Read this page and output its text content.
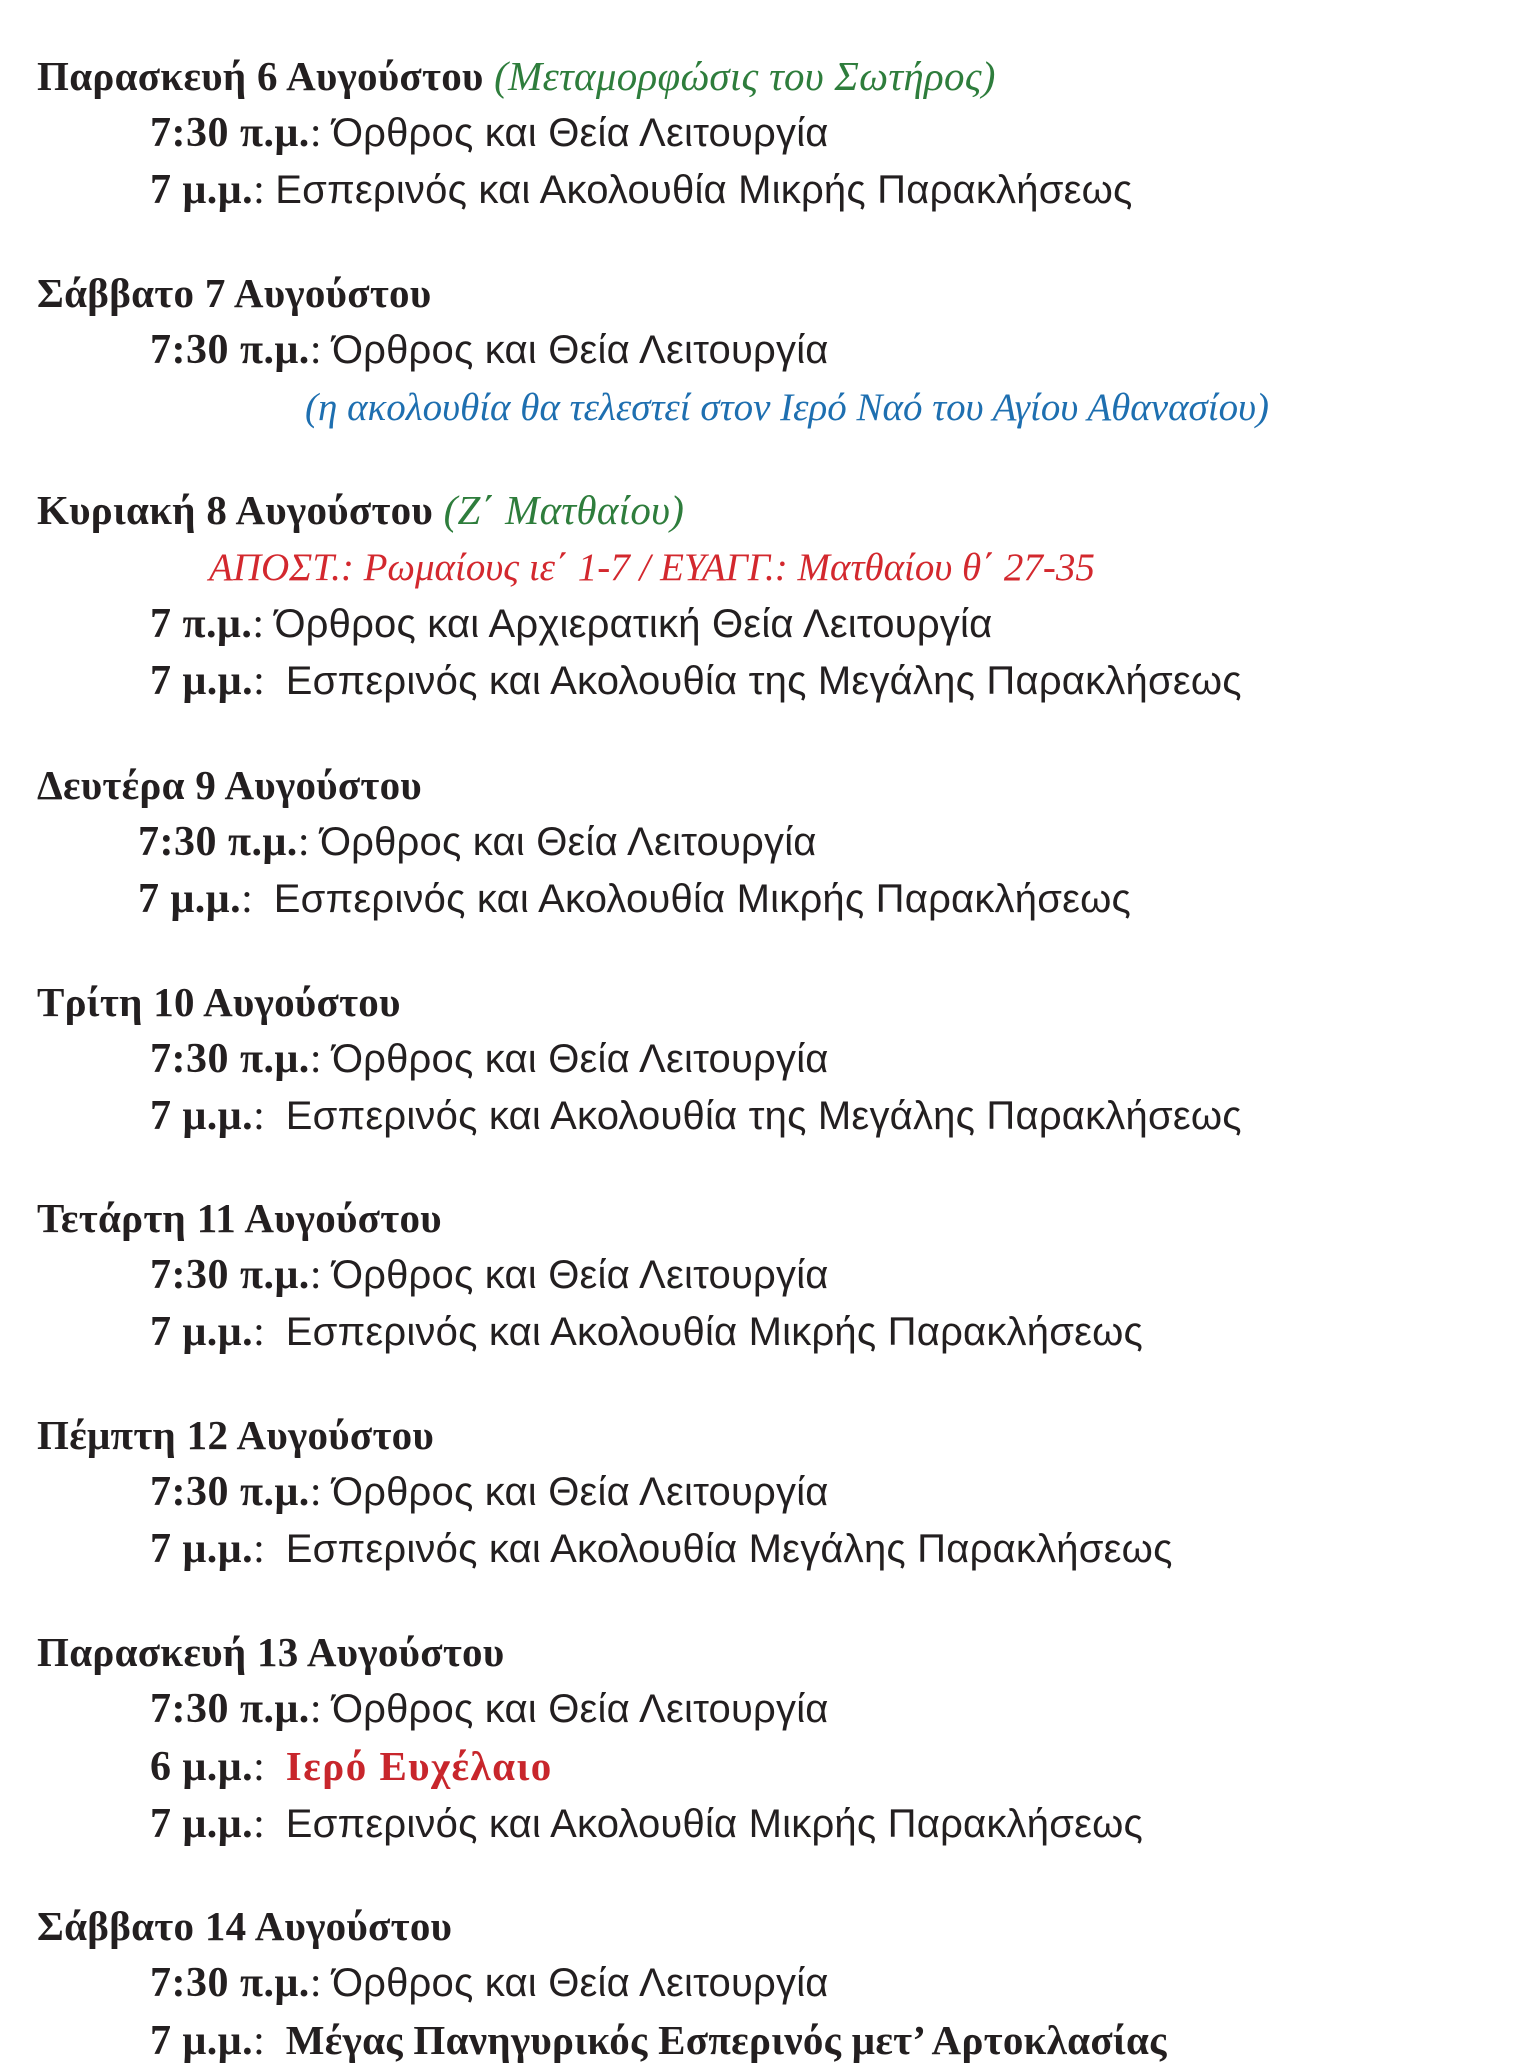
Παρασκευή 6 Αυγούστου (Μεταμορφώσις του Σωτήρος)
7:30 π.μ.: Όρθρος και Θεία Λειτουργία
7 μ.μ.: Εσπερινός και Ακολουθία Μικρής Παρακλήσεως
Σάββατο 7 Αυγούστου
7:30 π.μ.: Όρθρος και Θεία Λειτουργία
(η ακολουθία θα τελεστεί στον Ιερό Ναό του Αγίου Αθανασίου)
Κυριακή 8 Αυγούστου (Ζ΄ Ματθαίου)
ΑΠΟΣΤ.: Ρωμαίους ιε΄ 1-7 / ΕΥΑΓΓ.: Ματθαίου θ΄ 27-35
7 π.μ.: Όρθρος και Αρχιερατική Θεία Λειτουργία
7 μ.μ.:  Εσπερινός και Ακολουθία της Μεγάλης Παρακλήσεως
Δευτέρα 9 Αυγούστου
7:30 π.μ.: Όρθρος και Θεία Λειτουργία
7 μ.μ.:  Εσπερινός και Ακολουθία Μικρής Παρακλήσεως
Τρίτη 10 Αυγούστου
7:30 π.μ.: Όρθρος και Θεία Λειτουργία
7 μ.μ.:  Εσπερινός και Ακολουθία της Μεγάλης Παρακλήσεως
Τετάρτη 11 Αυγούστου
7:30 π.μ.: Όρθρος και Θεία Λειτουργία
7 μ.μ.:  Εσπερινός και Ακολουθία Μικρής Παρακλήσεως
Πέμπτη 12 Αυγούστου
7:30 π.μ.: Όρθρος και Θεία Λειτουργία
7 μ.μ.:  Εσπερινός και Ακολουθία Μεγάλης Παρακλήσεως
Παρασκευή 13 Αυγούστου
7:30 π.μ.: Όρθρος και Θεία Λειτουργία
6 μ.μ.:  Ιερό Ευχέλαιο
7 μ.μ.:  Εσπερινός και Ακολουθία Μικρής Παρακλήσεως
Σάββατο 14 Αυγούστου
7:30 π.μ.: Όρθρος και Θεία Λειτουργία
7 μ.μ.:  Μέγας Πανηγυρικός Εσπερινός μετ’ Αρτοκλασίας
